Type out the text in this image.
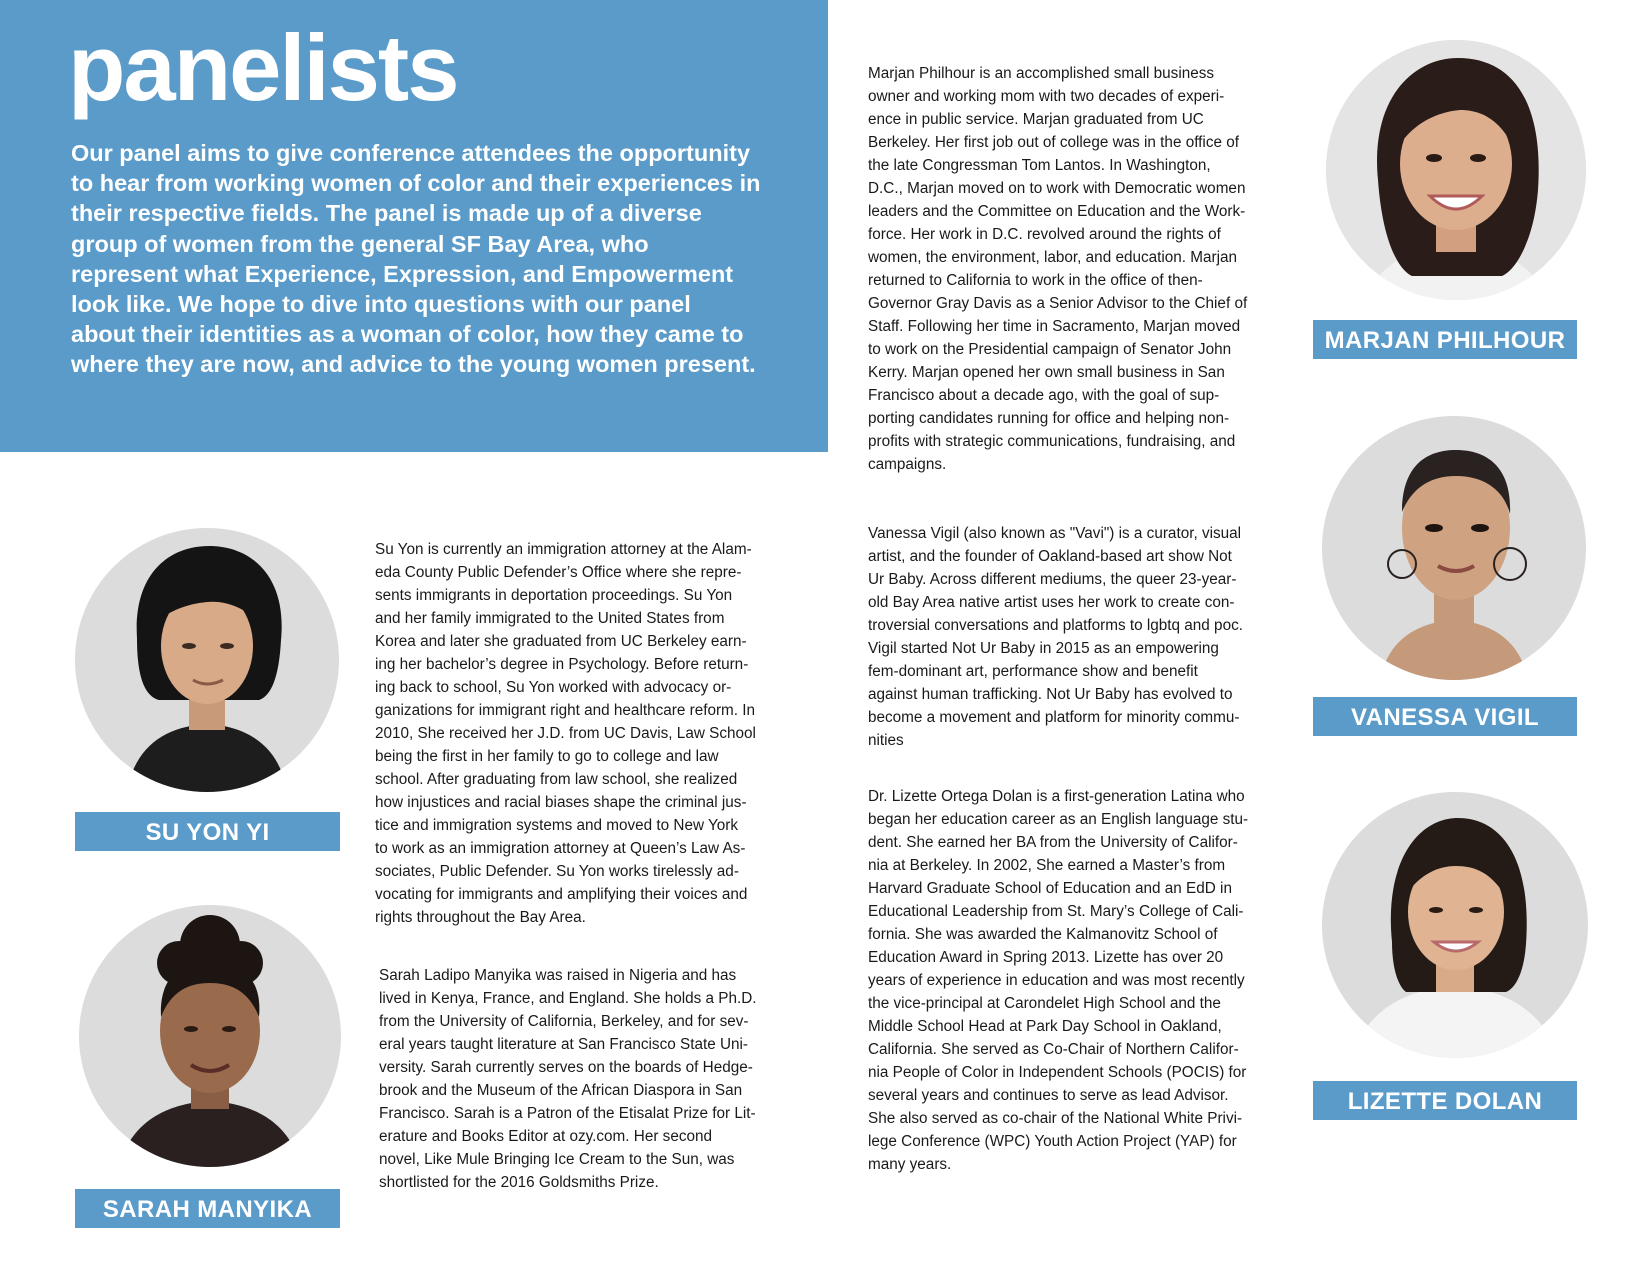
panelists

Our panel aims to give conference attendees the opportunity to hear from working women of color and their experiences in their respective fields. The panel is made up of a diverse group of women from the general SF Bay Area, who represent what Experience, Expression, and Empowerment look like. We hope to dive into questions with our panel about their identities as a woman of color, how they came to where they are now, and advice to the young women present.

SU YON YI

Su Yon is currently an immigration attorney at the Alam-
eda County Public Defender’s Office where she repre-
sents immigrants in deportation proceedings. Su Yon
and her family immigrated to the United States from
Korea and later she graduated from UC Berkeley earn-
ing her bachelor’s degree in Psychology. Before return-
ing back to school, Su Yon worked with advocacy or-
ganizations for immigrant right and healthcare reform. In
2010, She received her J.D. from UC Davis, Law School
being the first in her family to go to college and law
school. After graduating from law school, she realized
how injustices and racial biases shape the criminal jus-
tice and immigration systems and moved to New York
to work as an immigration attorney at Queen’s Law As-
sociates, Public Defender. Su Yon works tirelessly ad-
vocating for immigrants and amplifying their voices and
rights throughout the Bay Area.

SARAH MANYIKA

Sarah Ladipo Manyika was raised in Nigeria and has
lived in Kenya, France, and England. She holds a Ph.D.
from the University of California, Berkeley, and for sev-
eral years taught literature at San Francisco State Uni-
versity. Sarah currently serves on the boards of Hedge-
brook and the Museum of the African Diaspora in San
Francisco. Sarah is a Patron of the Etisalat Prize for Lit-
erature and Books Editor at ozy.com. Her second
novel, Like Mule Bringing Ice Cream to the Sun, was
shortlisted for the 2016 Goldsmiths Prize.

Marjan Philhour is an accomplished small business
owner and working mom with two decades of experi-
ence in public service. Marjan graduated from UC
Berkeley. Her first job out of college was in the office of
the late Congressman Tom Lantos. In Washington,
D.C., Marjan moved on to work with Democratic women
leaders and the Committee on Education and the Work-
force. Her work in D.C. revolved around the rights of
women, the environment, labor, and education. Marjan
returned to California to work in the office of then-
Governor Gray Davis as a Senior Advisor to the Chief of
Staff. Following her time in Sacramento, Marjan moved
to work on the Presidential campaign of Senator John
Kerry. Marjan opened her own small business in San
Francisco about a decade ago, with the goal of sup-
porting candidates running for office and helping non-
profits with strategic communications, fundraising, and
campaigns.

MARJAN PHILHOUR

Vanessa Vigil (also known as "Vavi") is a curator, visual
artist, and the founder of Oakland-based art show Not
Ur Baby. Across different mediums, the queer 23-year-
old Bay Area native artist uses her work to create con-
troversial conversations and platforms to lgbtq and poc.
Vigil started Not Ur Baby in 2015 as an empowering
fem-dominant art, performance show and benefit
against human trafficking. Not Ur Baby has evolved to
become a movement and platform for minority commu-
nities

VANESSA VIGIL

Dr. Lizette Ortega Dolan is a first-generation Latina who
began her education career as an English language stu-
dent. She earned her BA from the University of Califor-
nia at Berkeley. In 2002, She earned a Master’s from
Harvard Graduate School of Education and an EdD in
Educational Leadership from St. Mary’s College of Cali-
fornia. She was awarded the Kalmanovitz School of
Education Award in Spring 2013. Lizette has over 20
years of experience in education and was most recently
the vice-principal at Carondelet High School and the
Middle School Head at Park Day School in Oakland,
California. She served as Co-Chair of Northern Califor-
nia People of Color in Independent Schools (POCIS) for
several years and continues to serve as lead Advisor.
She also served as co-chair of the National White Privi-
lege Conference (WPC) Youth Action Project (YAP) for
many years.

LIZETTE DOLAN
